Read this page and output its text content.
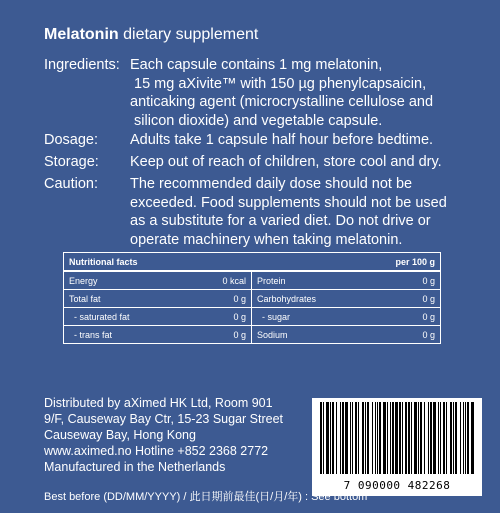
Melatonin dietary supplement
Ingredients: Each capsule contains 1 mg melatonin,
15 mg aXivite™ with 150 µg phenylcapsaicin,
anticaking agent (microcrystalline cellulose and
silicon dioxide) and vegetable capsule.
Dosage:	Adults take 1 capsule half hour before bedtime.
Storage:	Keep out of reach of children, store cool and dry.
Caution:	The recommended daily dose should not be
exceeded. Food supplements should not be used
as a substitute for a varied diet. Do not drive or
operate machinery when taking melatonin.
Nutritional facts	per 100 g
Energy	0 kcal Protein	0 g
Total fat	0 g Carbohydrates	0 g
- saturated fat	0 g - sugar	0 g
- trans fat	0 g Sodium	0 g
Distributed by aXimed HK Ltd, Room 901
9/F, Causeway Bay Ctr, 15-23 Sugar Street
Causeway Bay, Hong Kong
www.aximed.no Hotline +852 2368 2772
Manufactured in the Netherlands
7 090000 482268
Best before (DD/MM/YYYY) / 此日期前最佳(日/月/年) : See bottom
